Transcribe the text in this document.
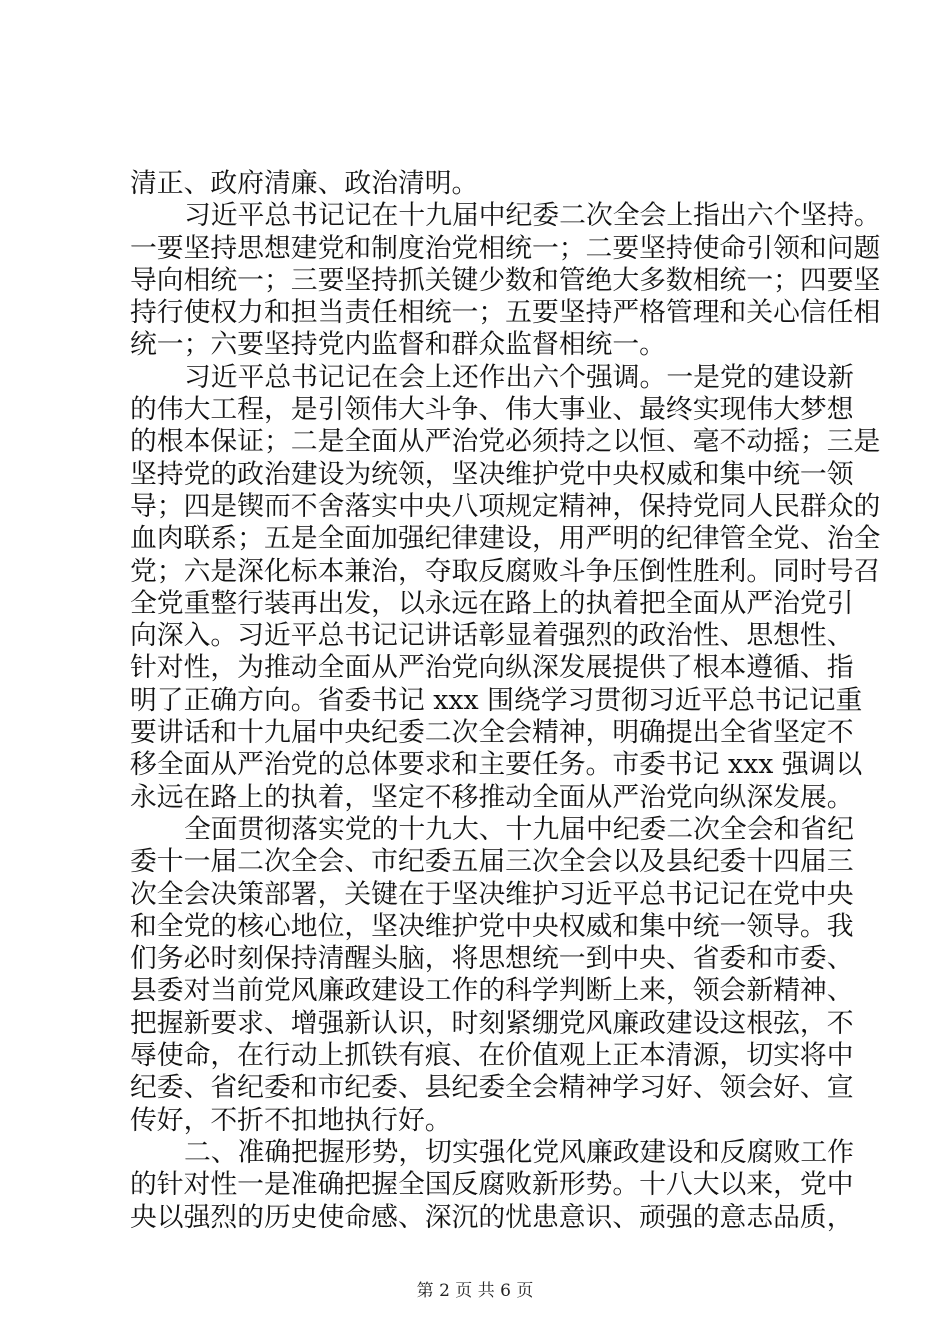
清正、政府清廉、政治清明。
习近平总书记记在十九届中纪委二次全会上指出六个坚持。
一要坚持思想建党和制度治党相统一；二要坚持使命引领和问题
导向相统一；三要坚持抓关键少数和管绝大多数相统一；四要坚
持行使权力和担当责任相统一；五要坚持严格管理和关心信任相
统一；六要坚持党内监督和群众监督相统一。
习近平总书记记在会上还作出六个强调。一是党的建设新
的伟大工程，是引领伟大斗争、伟大事业、最终实现伟大梦想
的根本保证；二是全面从严治党必须持之以恒、毫不动摇；三是
坚持党的政治建设为统领，坚决维护党中央权威和集中统一领
导；四是锲而不舍落实中央八项规定精神，保持党同人民群众的
血肉联系；五是全面加强纪律建设，用严明的纪律管全党、治全
党；六是深化标本兼治，夺取反腐败斗争压倒性胜利。同时号召
全党重整行装再出发，以永远在路上的执着把全面从严治党引
向深入。习近平总书记记讲话彰显着强烈的政治性、思想性、
针对性，为推动全面从严治党向纵深发展提供了根本遵循、指
明了正确方向。省委书记 xxx 围绕学习贯彻习近平总书记记重
要讲话和十九届中央纪委二次全会精神，明确提出全省坚定不
移全面从严治党的总体要求和主要任务。市委书记 xxx 强调以
永远在路上的执着，坚定不移推动全面从严治党向纵深发展。
全面贯彻落实党的十九大、十九届中纪委二次全会和省纪
委十一届二次全会、市纪委五届三次全会以及县纪委十四届三
次全会决策部署，关键在于坚决维护习近平总书记记在党中央
和全党的核心地位，坚决维护党中央权威和集中统一领导。我
们务必时刻保持清醒头脑，将思想统一到中央、省委和市委、
县委对当前党风廉政建设工作的科学判断上来，领会新精神、
把握新要求、增强新认识，时刻紧绷党风廉政建设这根弦，不
辱使命，在行动上抓铁有痕、在价值观上正本清源，切实将中
纪委、省纪委和市纪委、县纪委全会精神学习好、领会好、宣
传好，不折不扣地执行好。
二、准确把握形势，切实强化党风廉政建设和反腐败工作
的针对性一是准确把握全国反腐败新形势。十八大以来，党中
央以强烈的历史使命感、深沉的忧患意识、顽强的意志品质，
第 2 页 共 6 页
